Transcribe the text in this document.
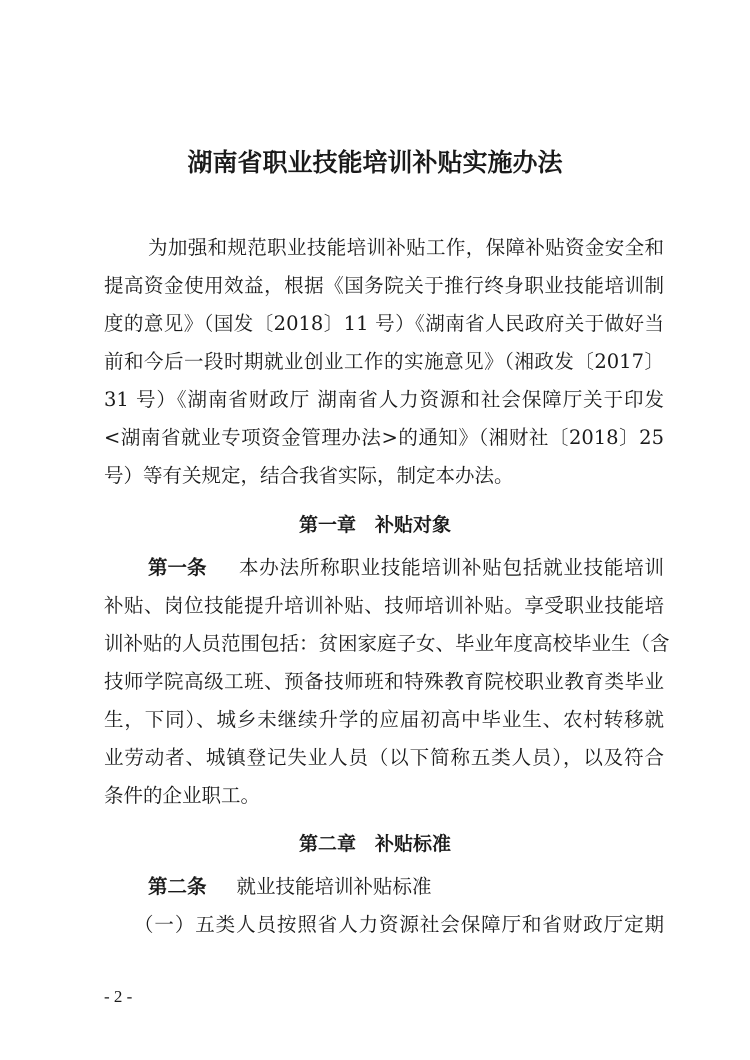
湖南省职业技能培训补贴实施办法
为加强和规范职业技能培训补贴工作，保障补贴资金安全和
提高资金使用效益，根据《国务院关于推行终身职业技能培训制
度的意见》（国发〔2018〕11 号）《湖南省人民政府关于做好当
前和今后一段时期就业创业工作的实施意见》（湘政发〔2017〕
31 号）《湖南省财政厅 湖南省人力资源和社会保障厅关于印发
<湖南省就业专项资金管理办法>的通知》（湘财社〔2018〕25
号）等有关规定，结合我省实际，制定本办法。
第一章　补贴对象
第一条 本办法所称职业技能培训补贴包括就业技能培训
补贴、岗位技能提升培训补贴、技师培训补贴。享受职业技能培
训补贴的人员范围包括：贫困家庭子女、毕业年度高校毕业生（含
技师学院高级工班、预备技师班和特殊教育院校职业教育类毕业
生，下同）、城乡未继续升学的应届初高中毕业生、农村转移就
业劳动者、城镇登记失业人员（以下简称五类人员），以及符合
条件的企业职工。
第二章　补贴标准
第二条 就业技能培训补贴标准
（一）五类人员按照省人力资源社会保障厅和省财政厅定期
- 2 -
